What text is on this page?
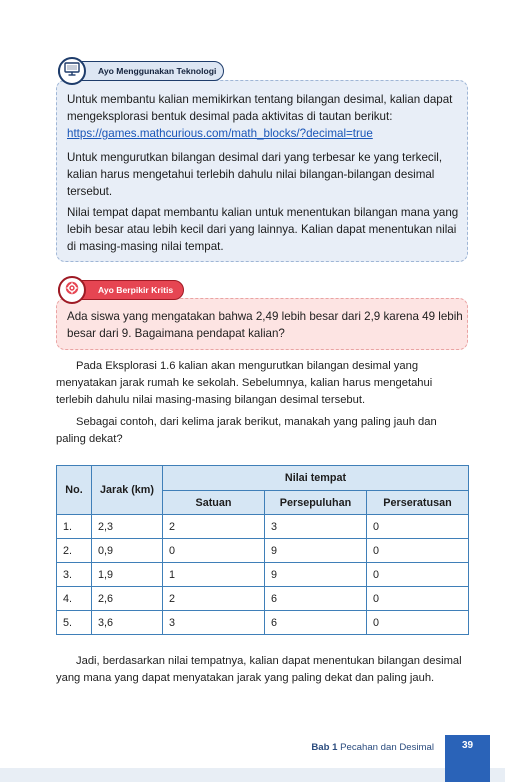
Untuk membantu kalian memikirkan tentang bilangan desimal, kalian dapat mengeksplorasi bentuk desimal pada aktivitas di tautan berikut:
https://games.mathcurious.com/math_blocks/?decimal=true

Untuk mengurutkan bilangan desimal dari yang terbesar ke yang terkecil, kalian harus mengetahui terlebih dahulu nilai bilangan-bilangan desimal tersebut.

Nilai tempat dapat membantu kalian untuk menentukan bilangan mana yang lebih besar atau lebih kecil dari yang lainnya. Kalian dapat menentukan nilai di masing-masing nilai tempat.

Ayo Menggunakan Teknologi

Ada siswa yang mengatakan bahwa 2,49 lebih besar dari 2,9 karena 49 lebih besar dari 9. Bagaimana pendapat kalian?

Ayo Berpikir Kritis

Pada Eksplorasi 1.6 kalian akan mengurutkan bilangan desimal yang menyatakan jarak rumah ke sekolah. Sebelumnya, kalian harus mengetahui terlebih dahulu nilai masing-masing bilangan desimal tersebut.

Sebagai contoh, dari kelima jarak berikut, manakah yang paling jauh dan paling dekat?

No.	Jarak (km)	Nilai tempat		
		Satuan	Persepuluhan	Perseratusan
1.	2,3	2	3	0
2.	0,9	0	9	0
3.	1,9	1	9	0
4.	2,6	2	6	0
5.	3,6	3	6	0

Jadi, berdasarkan nilai tempatnya, kalian dapat menentukan bilangan desimal yang mana yang dapat menyatakan jarak yang paling dekat dan paling jauh.

Bab 1 Pecahan dan Desimal	39
